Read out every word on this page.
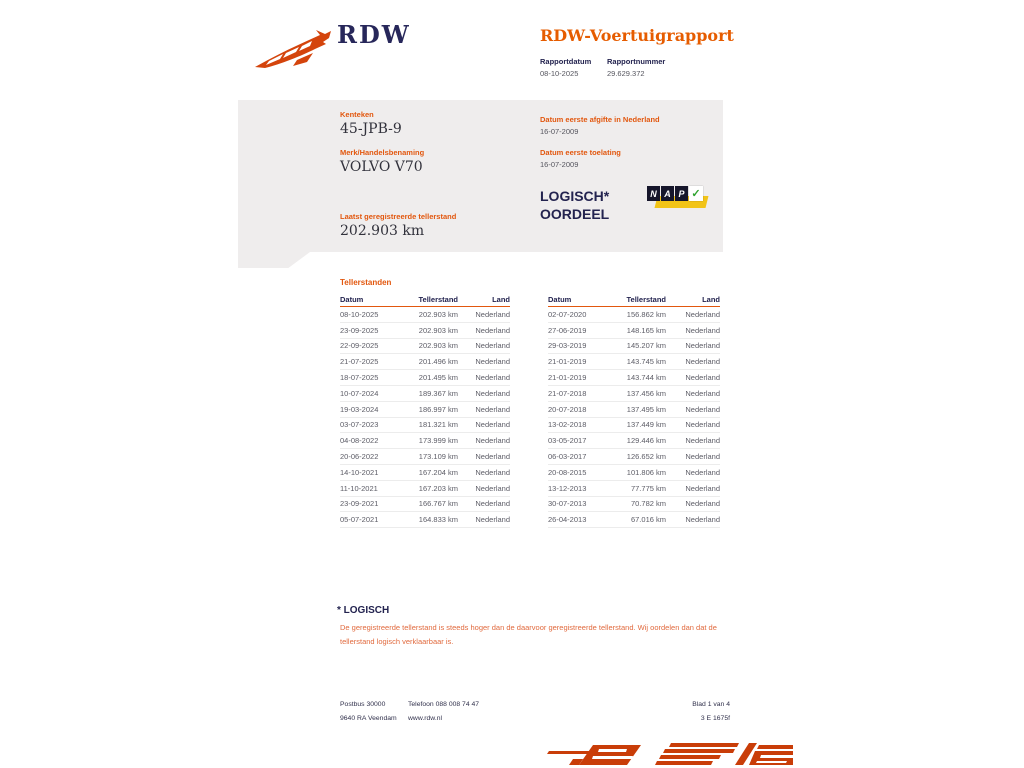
RDW	RDW-Voertuigrapport
Rapportdatum Rapportnummer
08-10-2025	29.629.372
Kenteken
45-JPB-9
Merk/Handelsbenaming
VOLVO V70
Laatst geregistreerde tellerstand
202.903 km
Datum eerste afgifte in Nederland
16-07-2009
Datum eerste toelating
16-07-2009
LOGISCH*
OORDEEL
N A P ✓
Tellerstanden
Datum	Tellerstand	Land
08-10-2025	202.903 km	Nederland
23-09-2025	202.903 km	Nederland
22-09-2025	202.903 km	Nederland
21-07-2025	201.496 km	Nederland
18-07-2025	201.495 km	Nederland
10-07-2024	189.367 km	Nederland
19-03-2024	186.997 km	Nederland
03-07-2023	181.321 km	Nederland
04-08-2022	173.999 km	Nederland
20-06-2022	173.109 km	Nederland
14-10-2021	167.204 km	Nederland
11-10-2021	167.203 km	Nederland
23-09-2021	166.767 km	Nederland
05-07-2021	164.833 km	Nederland
Datum	Tellerstand	Land
02-07-2020	156.862 km	Nederland
27-06-2019	148.165 km	Nederland
29-03-2019	145.207 km	Nederland
21-01-2019	143.745 km	Nederland
21-01-2019	143.744 km	Nederland
21-07-2018	137.456 km	Nederland
20-07-2018	137.495 km	Nederland
13-02-2018	137.449 km	Nederland
03-05-2017	129.446 km	Nederland
06-03-2017	126.652 km	Nederland
20-08-2015	101.806 km	Nederland
13-12-2013	77.775 km	Nederland
30-07-2013	70.782 km	Nederland
26-04-2013	67.016 km	Nederland
* LOGISCH
De geregistreerde tellerstand is steeds hoger dan de daarvoor geregistreerde tellerstand. Wij oordelen dan dat de tellerstand logisch verklaarbaar is.
Postbus 30000
9640 RA Veendam
Telefoon 088 008 74 47
www.rdw.nl
Blad 1 van 4
3 E 1675f
